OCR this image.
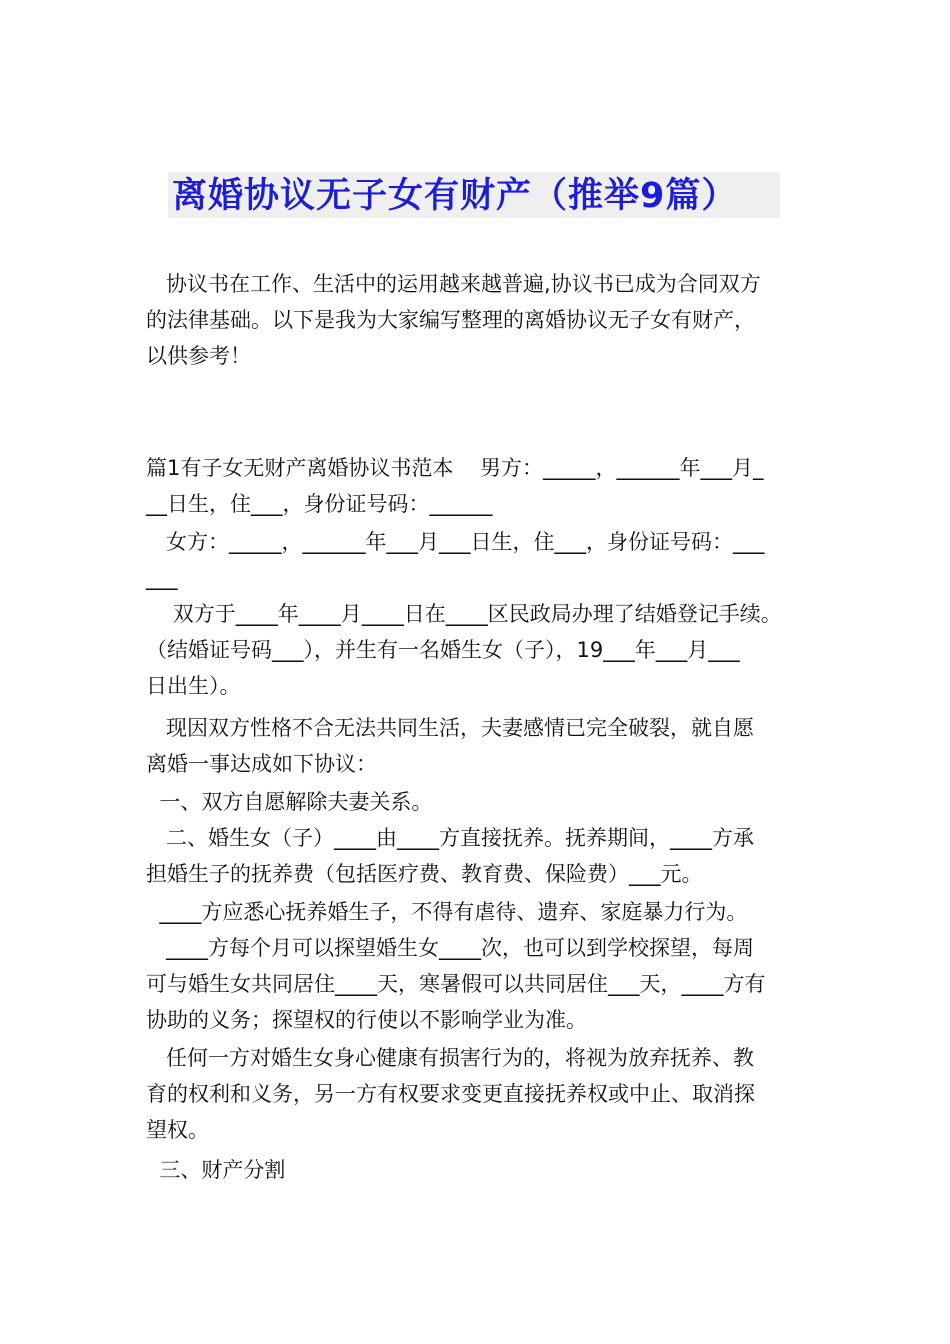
离婚协议无子女有财产（推举9篇）
协议书在工作、生活中的运用越来越普遍,协议书已成为合同双方
的法律基础。以下是我为大家编写整理的离婚协议无子女有财产，
以供参考！
篇1有子女无财产离婚协议书范本    男方：_____，______年___月_
__日生，住___，身份证号码：______
女方：_____，______年___月___日生，住___，身份证号码：___
___
双方于____年____月____日在____区民政局办理了结婚登记手续。
（结婚证号码___），并生有一名婚生女（子），19___年___月___
日出生）。
现因双方性格不合无法共同生活，夫妻感情已完全破裂，就自愿
离婚一事达成如下协议：
一、双方自愿解除夫妻关系。
二、婚生女（子）____由____方直接抚养。抚养期间，____方承
担婚生子的抚养费（包括医疗费、教育费、保险费）___元。
____方应悉心抚养婚生子，不得有虐待、遗弃、家庭暴力行为。
____方每个月可以探望婚生女____次，也可以到学校探望，每周
可与婚生女共同居住____天，寒暑假可以共同居住___天，____方有
协助的义务；探望权的行使以不影响学业为准。
任何一方对婚生女身心健康有损害行为的，将视为放弃抚养、教
育的权利和义务，另一方有权要求变更直接抚养权或中止、取消探
望权。
三、财产分割
